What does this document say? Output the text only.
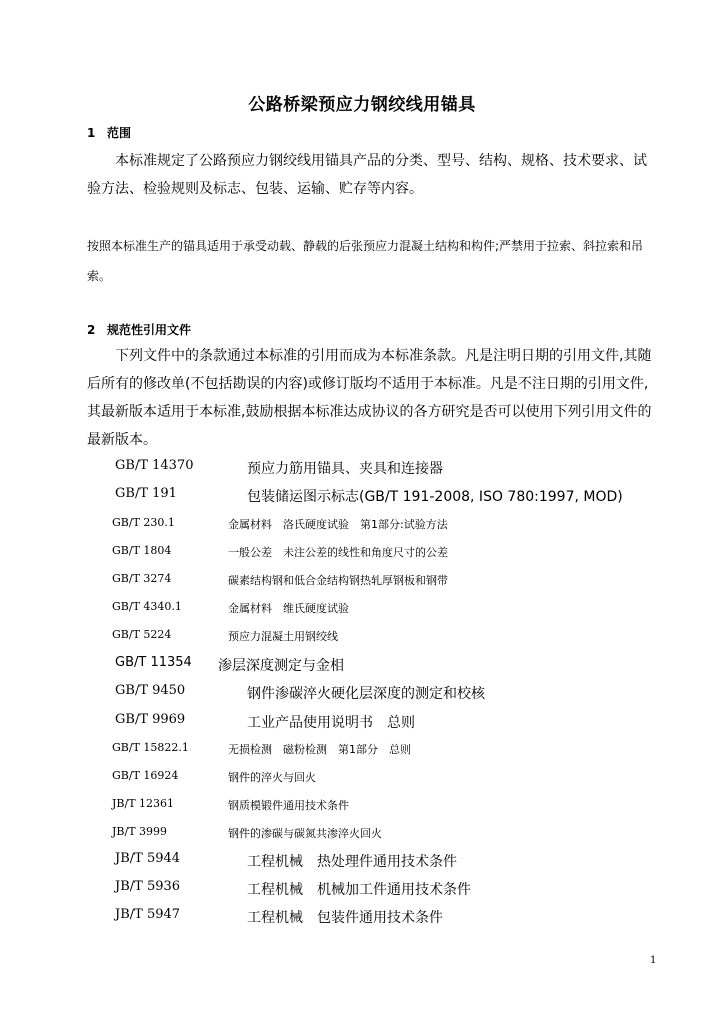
公路桥梁预应力钢绞线用锚具
1 范围

本标准规定了公路预应力钢绞线用锚具产品的分类、型号、结构、规格、技术要求、试验方法、检验规则及标志、包装、运输、贮存等内容。

按照本标准生产的锚具适用于承受动载、静载的后张预应力混凝土结构和构件;严禁用于拉索、斜拉索和吊索。

2 规范性引用文件

下列文件中的条款通过本标准的引用而成为本标准条款。凡是注明日期的引用文件,其随后所有的修改单(不包括勘误的内容)或修订版均不适用于本标准。凡是不注日期的引用文件,其最新版本适用于本标准,鼓励根据本标准达成协议的各方研究是否可以使用下列引用文件的最新版本。

GB/T 14370	预应力筋用锚具、夹具和连接器
GB/T 191	包装储运图示标志(GB/T 191-2008, ISO 780:1997, MOD)
GB/T 230.1	金属材料　洛氏硬度试验　第1部分:试验方法
GB/T 1804	一般公差　未注公差的线性和角度尺寸的公差
GB/T 3274	碳素结构钢和低合金结构钢热轧厚钢板和钢带
GB/T 4340.1	金属材料　维氏硬度试验
GB/T 5224	预应力混凝土用钢绞线
GB/T 11354 渗层深度测定与金相
GB/T 9450	钢件渗碳淬火硬化层深度的测定和校核
GB/T 9969	工业产品使用说明书　总则
GB/T 15822.1	无损检测　磁粉检测　第1部分　总则
GB/T 16924	钢件的淬火与回火
JB/T 12361	钢质模锻件通用技术条件
JB/T 3999	钢件的渗碳与碳氮共渗淬火回火
JB/T 5944	工程机械　热处理件通用技术条件
JB/T 5936	工程机械　机械加工件通用技术条件
JB/T 5947	工程机械　包装件通用技术条件
1
